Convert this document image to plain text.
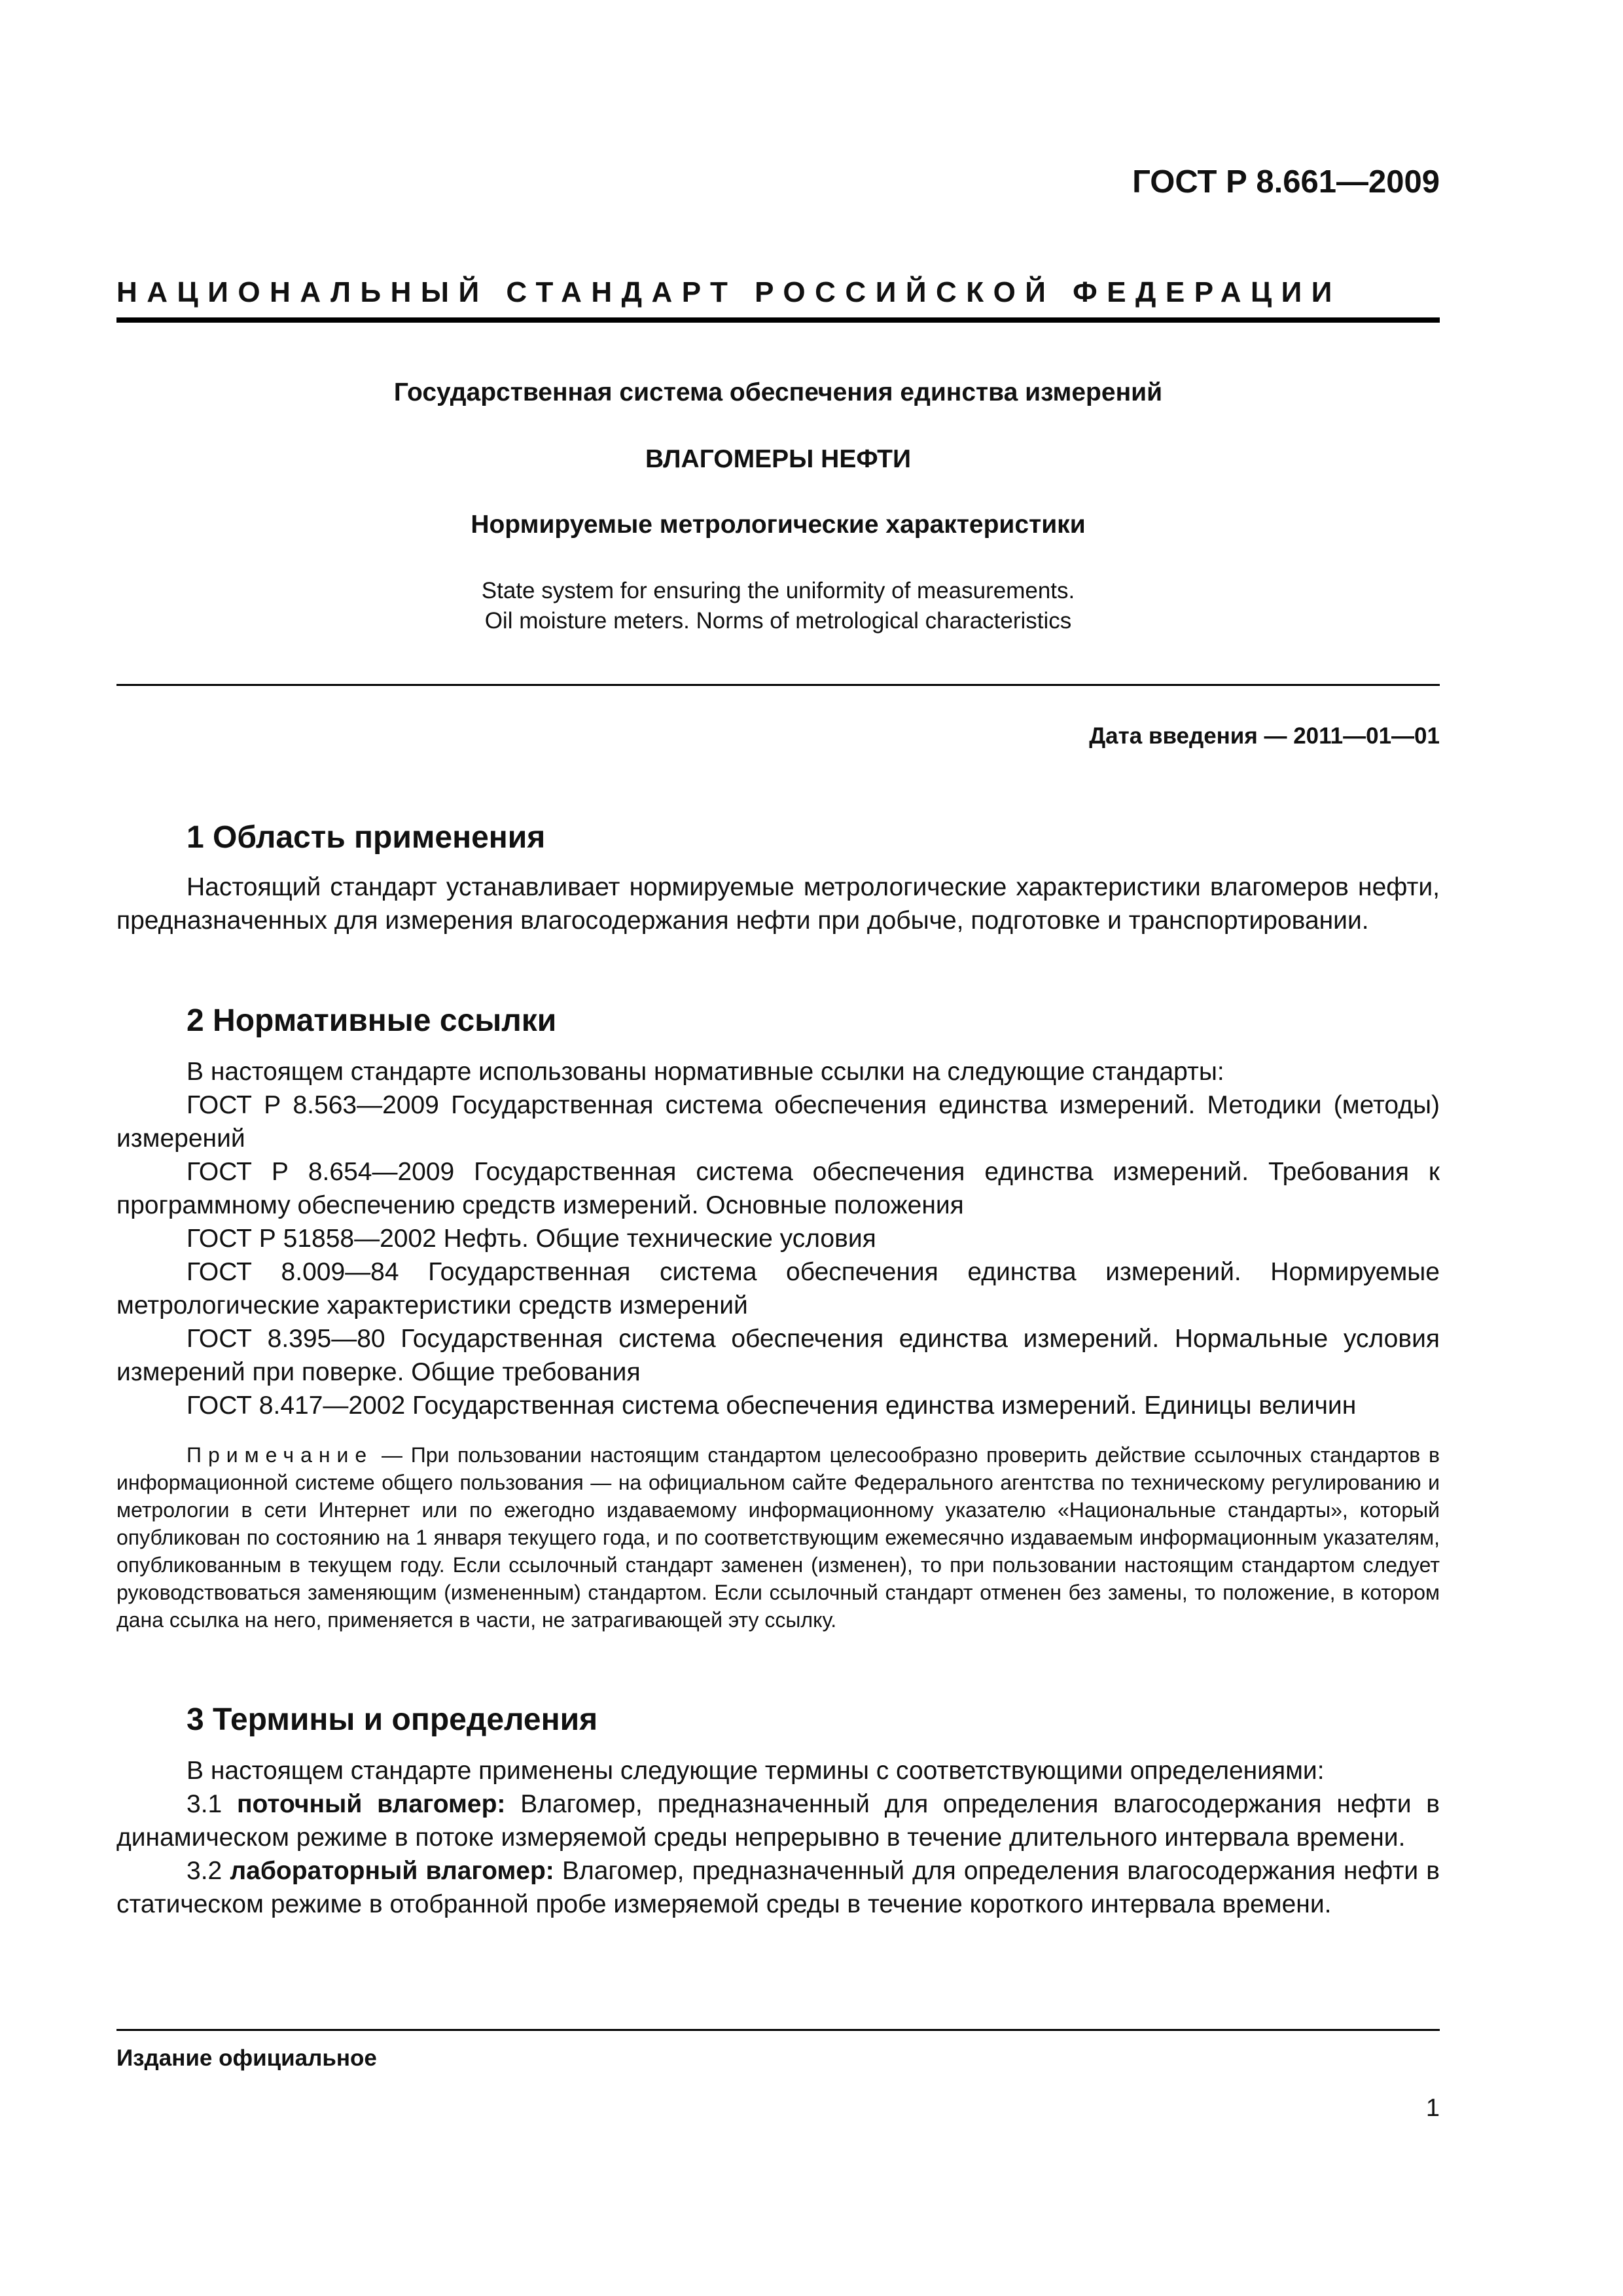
ГОСТ Р 8.661—2009
НАЦИОНАЛЬНЫЙ СТАНДАРТ РОССИЙСКОЙ ФЕДЕРАЦИИ
Государственная система обеспечения единства измерений
ВЛАГОМЕРЫ НЕФТИ
Нормируемые метрологические характеристики
State system for ensuring the uniformity of measurements.
Oil moisture meters. Norms of metrological characteristics
Дата введения — 2011—01—01
1 Область применения

Настоящий стандарт устанавливает нормируемые метрологические характеристики влагомеров нефти, предназначенных для измерения влагосодержания нефти при добыче, подготовке и транспортировании.

2 Нормативные ссылки

В настоящем стандарте использованы нормативные ссылки на следующие стандарты:

ГОСТ Р 8.563—2009 Государственная система обеспечения единства измерений. Методики (методы) измерений

ГОСТ Р 8.654—2009 Государственная система обеспечения единства измерений. Требования к программному обеспечению средств измерений. Основные положения

ГОСТ Р 51858—2002 Нефть. Общие технические условия

ГОСТ 8.009—84 Государственная система обеспечения единства измерений. Нормируемые метрологические характеристики средств измерений

ГОСТ 8.395—80 Государственная система обеспечения единства измерений. Нормальные условия измерений при поверке. Общие требования

ГОСТ 8.417—2002 Государственная система обеспечения единства измерений. Единицы величин

Примечание — При пользовании настоящим стандартом целесообразно проверить действие ссылочных стандартов в информационной системе общего пользования — на официальном сайте Федерального агентства по техническому регулированию и метрологии в сети Интернет или по ежегодно издаваемому информационному указателю «Национальные стандарты», который опубликован по состоянию на 1 января текущего года, и по соответствующим ежемесячно издаваемым информационным указателям, опубликованным в текущем году. Если ссылочный стандарт заменен (изменен), то при пользовании настоящим стандартом следует руководствоваться заменяющим (измененным) стандартом. Если ссылочный стандарт отменен без замены, то положение, в котором дана ссылка на него, применяется в части, не затрагивающей эту ссылку.
3 Термины и определения

В настоящем стандарте применены следующие термины с соответствующими определениями:

3.1 поточный влагомер: Влагомер, предназначенный для определения влагосодержания нефти в динамическом режиме в потоке измеряемой среды непрерывно в течение длительного интервала времени.

3.2 лабораторный влагомер: Влагомер, предназначенный для определения влагосодержания нефти в статическом режиме в отобранной пробе измеряемой среды в течение короткого интервала времени.

Издание официальное
1
